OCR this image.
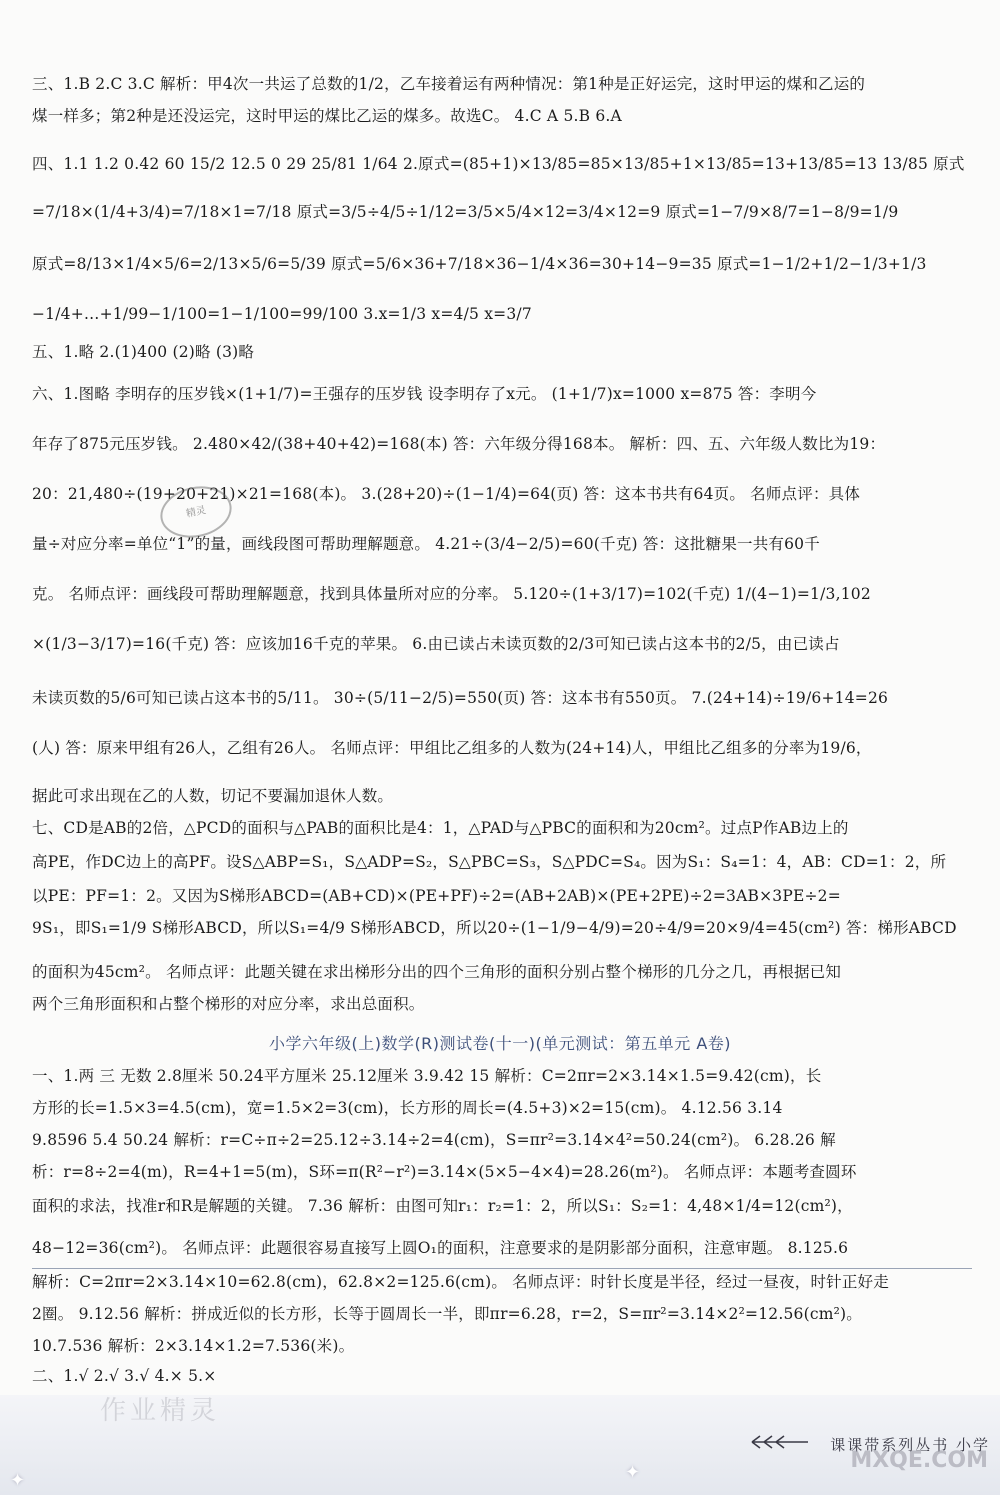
三、1.B 2.C 3.C 解析：甲4次一共运了总数的1/2，乙车接着运有两种情况：第1种是正好运完，这时甲运的煤和乙运的
煤一样多；第2种是还没运完，这时甲运的煤比乙运的煤多。故选C。 4.C A 5.B 6.A
四、1.1 1.2 0.42 60 15/2 12.5 0 29 25/81 1/64 2.原式=(85+1)×13/85=85×13/85+1×13/85=13+13/85=13 13/85 原式
=7/18×(1/4+3/4)=7/18×1=7/18 原式=3/5÷4/5÷1/12=3/5×5/4×12=3/4×12=9 原式=1−7/9×8/7=1−8/9=1/9
原式=8/13×1/4×5/6=2/13×5/6=5/39 原式=5/6×36+7/18×36−1/4×36=30+14−9=35 原式=1−1/2+1/2−1/3+1/3
−1/4+…+1/99−1/100=1−1/100=99/100 3.x=1/3 x=4/5 x=3/7
五、1.略 2.(1)400 (2)略 (3)略
六、1.图略 李明存的压岁钱×(1+1/7)=王强存的压岁钱 设李明存了x元。 (1+1/7)x=1000 x=875 答：李明今
年存了875元压岁钱。 2.480×42/(38+40+42)=168(本) 答：六年级分得168本。 解析：四、五、六年级人数比为19：
20：21,480÷(19+20+21)×21=168(本)。 3.(28+20)÷(1−1/4)=64(页) 答：这本书共有64页。 名师点评：具体
量÷对应分率=单位“1”的量，画线段图可帮助理解题意。 4.21÷(3/4−2/5)=60(千克) 答：这批糖果一共有60千
克。 名师点评：画线段可帮助理解题意，找到具体量所对应的分率。 5.120÷(1+3/17)=102(千克) 1/(4−1)=1/3,102
×(1/3−3/17)=16(千克) 答：应该加16千克的苹果。 6.由已读占未读页数的2/3可知已读占这本书的2/5，由已读占
未读页数的5/6可知已读占这本书的5/11。 30÷(5/11−2/5)=550(页) 答：这本书有550页。 7.(24+14)÷19/6+14=26
(人) 答：原来甲组有26人，乙组有26人。 名师点评：甲组比乙组多的人数为(24+14)人，甲组比乙组多的分率为19/6，
据此可求出现在乙的人数，切记不要漏加退休人数。
七、CD是AB的2倍，△PCD的面积与△PAB的面积比是4：1，△PAD与△PBC的面积和为20cm²。过点P作AB边上的
高PE，作DC边上的高PF。设S△ABP=S₁，S△ADP=S₂，S△PBC=S₃，S△PDC=S₄。因为S₁：S₄=1：4，AB：CD=1：2，所
以PE：PF=1：2。又因为S梯形ABCD=(AB+CD)×(PE+PF)÷2=(AB+2AB)×(PE+2PE)÷2=3AB×3PE÷2=
9S₁，即S₁=1/9 S梯形ABCD，所以S₁=4/9 S梯形ABCD，所以20÷(1−1/9−4/9)=20÷4/9=20×9/4=45(cm²) 答：梯形ABCD
的面积为45cm²。 名师点评：此题关键在求出梯形分出的四个三角形的面积分别占整个梯形的几分之几，再根据已知
两个三角形面积和占整个梯形的对应分率，求出总面积。
小学六年级(上)数学(R)测试卷(十一)(单元测试：第五单元 A卷)
一、1.两 三 无数 2.8厘米 50.24平方厘米 25.12厘米 3.9.42 15 解析：C=2πr=2×3.14×1.5=9.42(cm)，长
方形的长=1.5×3=4.5(cm)，宽=1.5×2=3(cm)，长方形的周长=(4.5+3)×2=15(cm)。 4.12.56 3.14
9.8596 5.4 50.24 解析：r=C÷π÷2=25.12÷3.14÷2=4(cm)，S=πr²=3.14×4²=50.24(cm²)。 6.28.26 解
析：r=8÷2=4(m)，R=4+1=5(m)，S环=π(R²−r²)=3.14×(5×5−4×4)=28.26(m²)。 名师点评：本题考查圆环
面积的求法，找准r和R是解题的关键。 7.36 解析：由图可知r₁：r₂=1：2，所以S₁：S₂=1：4,48×1/4=12(cm²)，
48−12=36(cm²)。 名师点评：此题很容易直接写上圆O₁的面积，注意要求的是阴影部分面积，注意审题。 8.125.6
解析：C=2πr=2×3.14×10=62.8(cm)，62.8×2=125.6(cm)。 名师点评：时针长度是半径，经过一昼夜，时针正好走
2圈。 9.12.56 解析：拼成近似的长方形，长等于圆周长一半，即πr=6.28，r=2，S=πr²=3.14×2²=12.56(cm²)。
10.7.536 解析：2×3.14×1.2=7.536(米)。
二、1.√ 2.√ 3.√ 4.× 5.×
精灵
作业精灵
课课带系列丛书 小学
MXQE.COM
✦	✦
